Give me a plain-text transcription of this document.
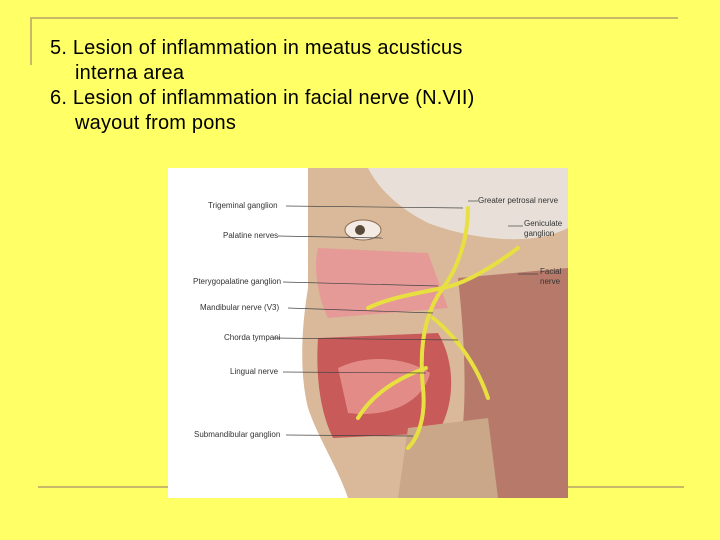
5. Lesion of inflammation in meatus acusticus
interna area

6. Lesion of inflammation in facial nerve (N.VII)
wayout from pons

Trigeminal ganglion
Palatine nerves
Pterygopalatine ganglion
Mandibular nerve (V3)
Chorda tympani
Lingual nerve
Submandibular ganglion
Greater petrosal nerve
Geniculate
ganglion
Facial
nerve
